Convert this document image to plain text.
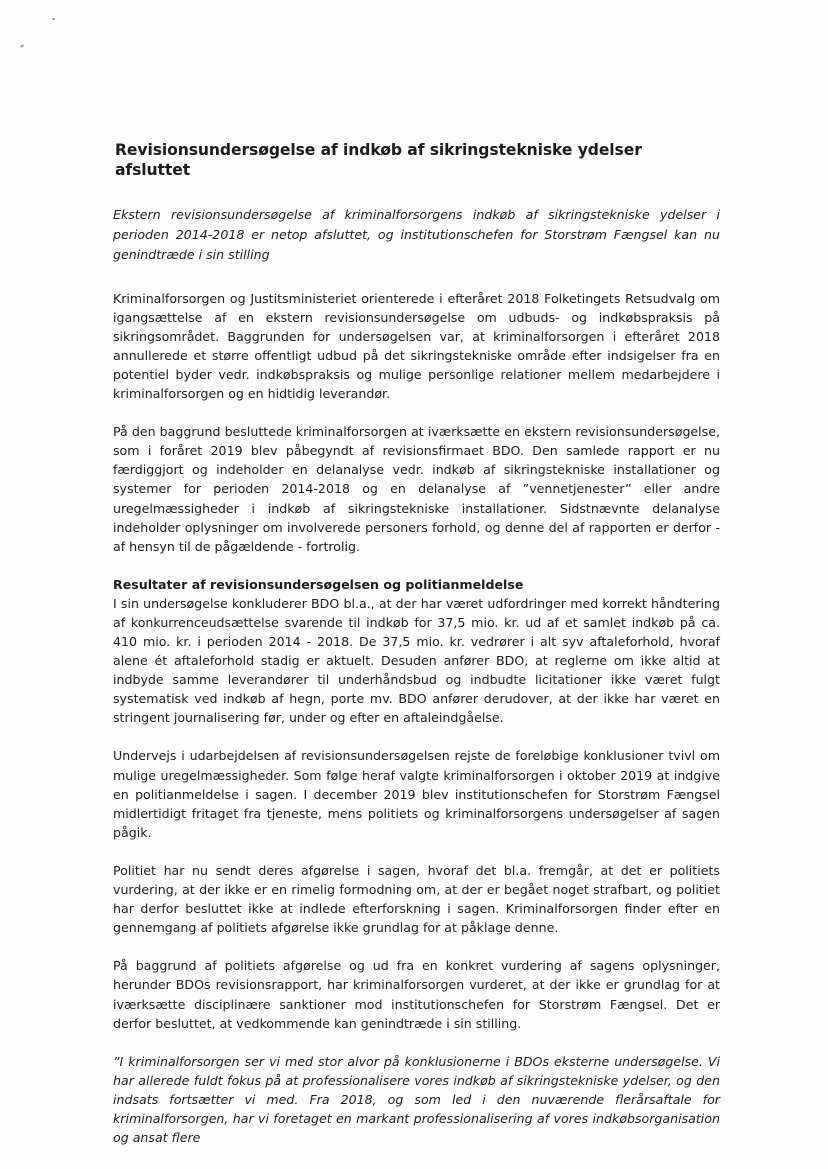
Revisionsundersøgelse af indkøb af sikringstekniske ydelser afsluttet

Ekstern revisionsundersøgelse af kriminalforsorgens indkøb af sikringstekniske ydelser i perioden 2014-2018 er netop afsluttet, og institutionschefen for Storstrøm Fængsel kan nu genindtræde i sin stilling

Kriminalforsorgen og Justitsministeriet orienterede i efteråret 2018 Folketingets Retsudvalg om igangsættelse af en ekstern revisionsundersøgelse om udbuds- og indkøbspraksis på sikringsområdet. Baggrunden for undersøgelsen var, at kriminalforsorgen i efteråret 2018 annullerede et større offentligt udbud på det sikringstekniske område efter indsigelser fra en potentiel byder vedr. indkøbspraksis og mulige personlige relationer mellem medarbejdere i kriminalforsorgen og en hidtidig leverandør.

På den baggrund besluttede kriminalforsorgen at iværksætte en ekstern revisionsundersøgelse, som i foråret 2019 blev påbegyndt af revisionsfirmaet BDO. Den samlede rapport er nu færdiggjort og indeholder en delanalyse vedr. indkøb af sikringstekniske installationer og systemer for perioden 2014-2018 og en delanalyse af ”vennetjenester” eller andre uregelmæssigheder i indkøb af sikringstekniske installationer. Sidstnævnte delanalyse indeholder oplysninger om involverede personers forhold, og denne del af rapporten er derfor - af hensyn til de pågældende - fortrolig.

Resultater af revisionsundersøgelsen og politianmeldelse

I sin undersøgelse konkluderer BDO bl.a., at der har været udfordringer med korrekt håndtering af konkurrenceudsættelse svarende til indkøb for 37,5 mio. kr. ud af et samlet indkøb på ca. 410 mio. kr. i perioden 2014 - 2018. De 37,5 mio. kr. vedrører i alt syv aftaleforhold, hvoraf alene ét aftaleforhold stadig er aktuelt. Desuden anfører BDO, at reglerne om ikke altid at indbyde samme leverandører til underhåndsbud og indbudte licitationer ikke været fulgt systematisk ved indkøb af hegn, porte mv. BDO anfører derudover, at der ikke har været en stringent journalisering før, under og efter en aftaleindgåelse.

Undervejs i udarbejdelsen af revisionsundersøgelsen rejste de foreløbige konklusioner tvivl om mulige uregelmæssigheder. Som følge heraf valgte kriminalforsorgen i oktober 2019 at indgive en politianmeldelse i sagen. I december 2019 blev institutionschefen for Storstrøm Fængsel midlertidigt fritaget fra tjeneste, mens politiets og kriminalforsorgens undersøgelser af sagen pågik.

Politiet har nu sendt deres afgørelse i sagen, hvoraf det bl.a. fremgår, at det er politiets vurdering, at der ikke er en rimelig formodning om, at der er begået noget strafbart, og politiet har derfor besluttet ikke at indlede efterforskning i sagen. Kriminalforsorgen finder efter en gennemgang af politiets afgørelse ikke grundlag for at påklage denne.

På baggrund af politiets afgørelse og ud fra en konkret vurdering af sagens oplysninger, herunder BDOs revisionsrapport, har kriminalforsorgen vurderet, at der ikke er grundlag for at iværksætte disciplinære sanktioner mod institutionschefen for Storstrøm Fængsel. Det er derfor besluttet, at vedkommende kan genindtræde i sin stilling.

”I kriminalforsorgen ser vi med stor alvor på konklusionerne i BDOs eksterne undersøgelse. Vi har allerede fuldt fokus på at professionalisere vores indkøb af sikringstekniske ydelser, og den indsats fortsætter vi med. Fra 2018, og som led i den nuværende flerårsaftale for kriminalforsorgen, har vi foretaget en markant professionalisering af vores indkøbsorganisation og ansat flere
